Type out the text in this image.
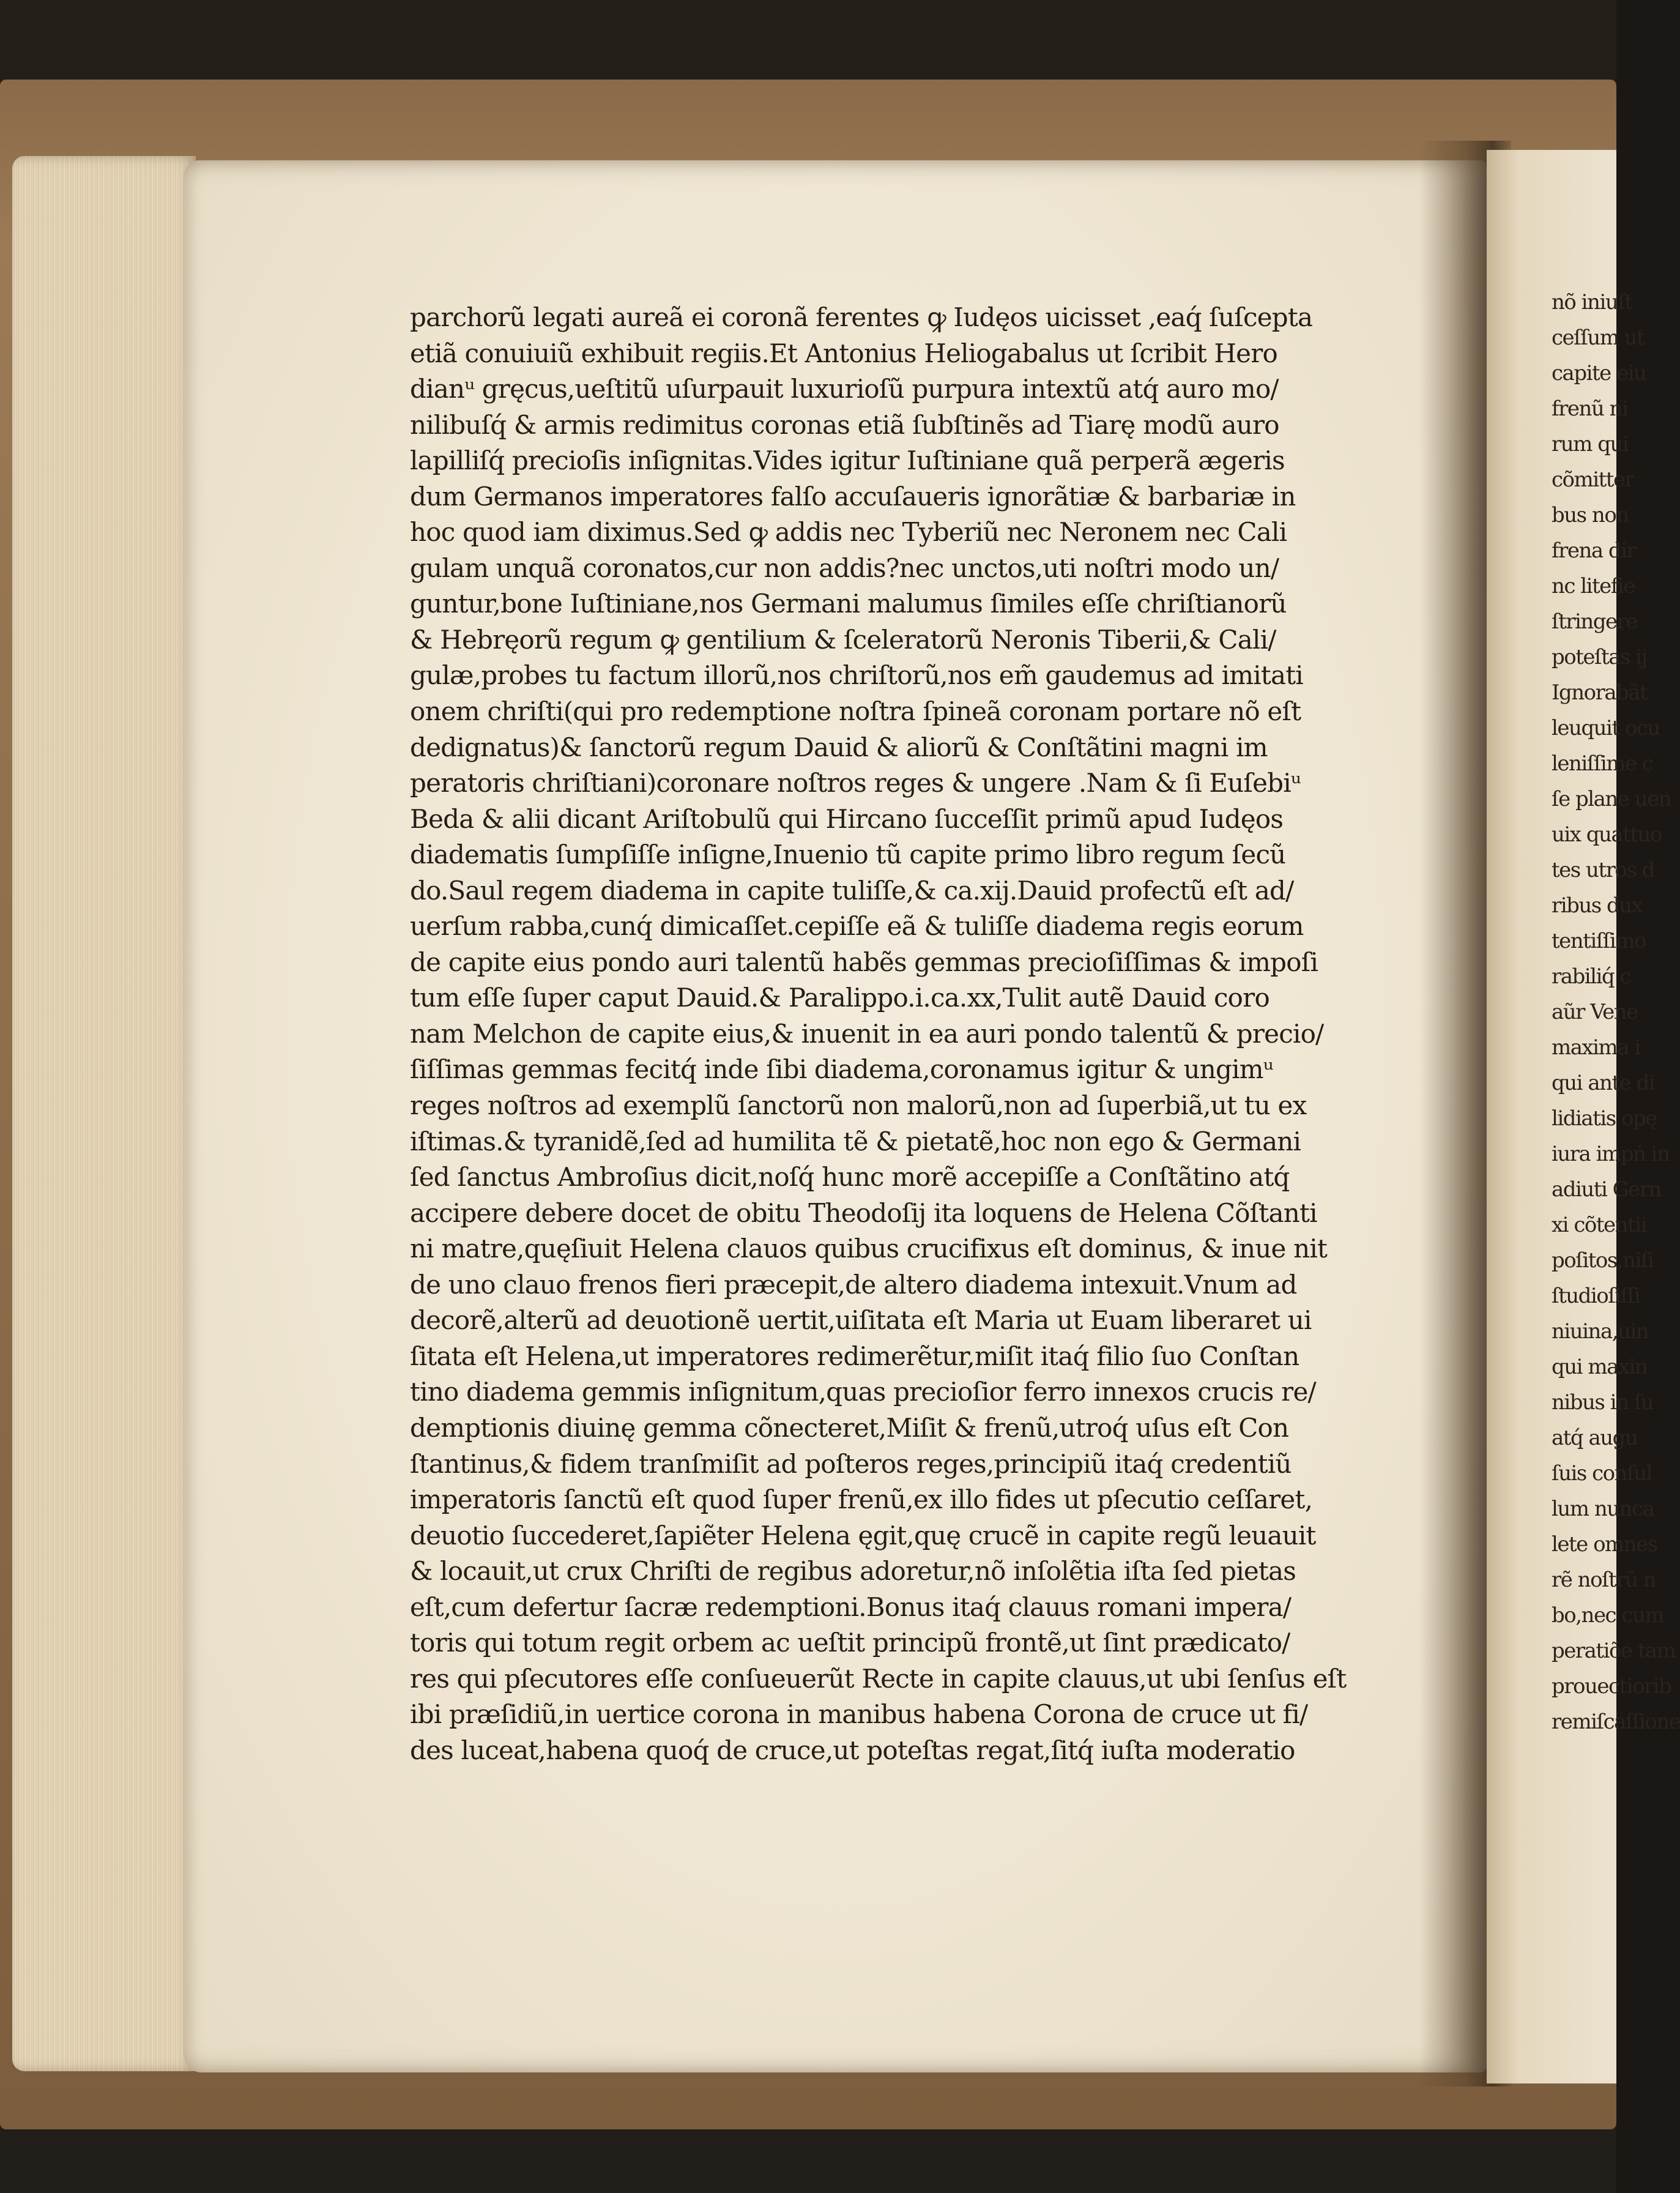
parchorũ legati aureã ei coronã ferentes ꝙ Iudęos uicisset ,eaq́ ſuſcepta
etiã conuiuiũ exhibuit regiis.Et Antonius Heliogabalus ut ſcribit Hero
dianᵘ gręcus,ueſtitũ uſurpauit luxurioſũ purpura intextũ atq́ auro mo/
nilibuſq́ & armis redimitus coronas etiã ſubſtinẽs ad Tiarę modũ auro
lapilliſq́ precioſis inſignitas.Vides igitur Iuſtiniane quã perperã ægeris
dum Germanos imperatores falſo accuſaueris ignorãtiæ & barbariæ in
hoc quod iam diximus.Sed ꝙ addis nec Tyberiũ nec Neronem nec Cali
gulam unquã coronatos,cur non addis?nec unctos,uti noſtri modo un/
guntur,bone Iuſtiniane,nos Germani malumus ſimiles eſſe chriſtianorũ
& Hebręorũ regum ꝙ gentilium & ſceleratorũ Neronis Tiberii,& Cali/
gulæ,probes tu factum illorũ,nos chriſtorũ,nos em̃ gaudemus ad imitati
onem chriſti(qui pro redemptione noſtra ſpineã coronam portare nõ eſt
dedignatus)& ſanctorũ regum Dauid & aliorũ & Conſtãtini magni im
peratoris chriſtiani)coronare noſtros reges & ungere .Nam & ſi Euſebiᵘ
Beda & alii dicant Ariſtobulũ qui Hircano ſucceſſit primũ apud Iudęos
diadematis ſumpſiſſe inſigne,Inuenio tũ capite primo libro regum ſecũ
do.Saul regem diadema in capite tuliſſe,& ca.xij.Dauid profectũ eſt ad/
uerſum rabba,cunq́ dimicaſſet.cepiſſe eã & tuliſſe diadema regis eorum
de capite eius pondo auri talentũ habẽs gemmas precioſiſſimas & impoſi
tum eſſe ſuper caput Dauid.& Paralippo.i.ca.xx,Tulit autẽ Dauid coro
nam Melchon de capite eius,& inuenit in ea auri pondo talentũ & precio/
ſiſſimas gemmas fecitq́ inde ſibi diadema,coronamus igitur & ungimᵘ
reges noſtros ad exemplũ ſanctorũ non malorũ,non ad ſuperbiã,ut tu ex
iſtimas.& tyranidẽ,ſed ad humilita tẽ & pietatẽ,hoc non ego & Germani
ſed ſanctus Ambroſius dicit,noſq́ hunc morẽ accepiſſe a Conſtãtino atq́
accipere debere docet de obitu Theodoſij ita loquens de Helena Cõſtanti
ni matre,quęſiuit Helena clauos quibus crucifixus eſt dominus, & inue nit
de uno clauo frenos fieri præcepit,de altero diadema intexuit.Vnum ad
decorẽ,alterũ ad deuotionẽ uertit,uiſitata eſt Maria ut Euam liberaret ui
ſitata eſt Helena,ut imperatores redimerẽtur,miſit itaq́ filio ſuo Conſtan
tino diadema gemmis inſignitum,quas precioſior ferro innexos crucis re/
demptionis diuinę gemma cõnecteret,Miſit & frenũ,utroq́ uſus eſt Con
ſtantinus,& fidem tranſmiſit ad poſteros reges,principiũ itaq́ credentiũ
imperatoris ſanctũ eſt quod ſuper frenũ,ex illo fides ut pſecutio ceſſaret,
deuotio ſuccederet,ſapiẽter Helena ęgit,quę crucẽ in capite regũ leuauit
& locauit,ut crux Chriſti de regibus adoretur,nõ inſolẽtia iſta ſed pietas
eſt,cum defertur ſacræ redemptioni.Bonus itaq́ clauus romani impera/
toris qui totum regit orbem ac ueſtit principũ frontẽ,ut ſint prædicato/
res qui pſecutores eſſe conſueuerũt Recte in capite clauus,ut ubi ſenſus eſt
ibi præſidiũ,in uertice corona in manibus habena Corona de cruce ut fi/
des luceat,habena quoq́ de cruce,ut poteſtas regat,ſitq́ iuſta moderatio
nõ iniuſt
ceſſum ut
capite eiu
frenũ ni
rum qui
cõmitter
bus non
frena dir
nc litefie
ſtringere
poteſtas ij
Ignorabãt
leuquit ocu
leniſſime c
ſe plane uen
uix quattuo
tes utros d
ribus dux
tentiſſimo
rabiliq́ c
aũr Vene
maxima i
qui ante di
lidiatis opę
iura impṅ in
adiuti Gern
xi cõtentii
poſitos,niſi
ſtudioſiſſi
niuina,uin
qui maxin
nibus in ſu
atq́ augu
ſuis conſul
lum nunca
lete omnes
rẽ noſtrũ n
bo,nec cum
peratiõe tam
prouectiorib
remiſcaſſione
